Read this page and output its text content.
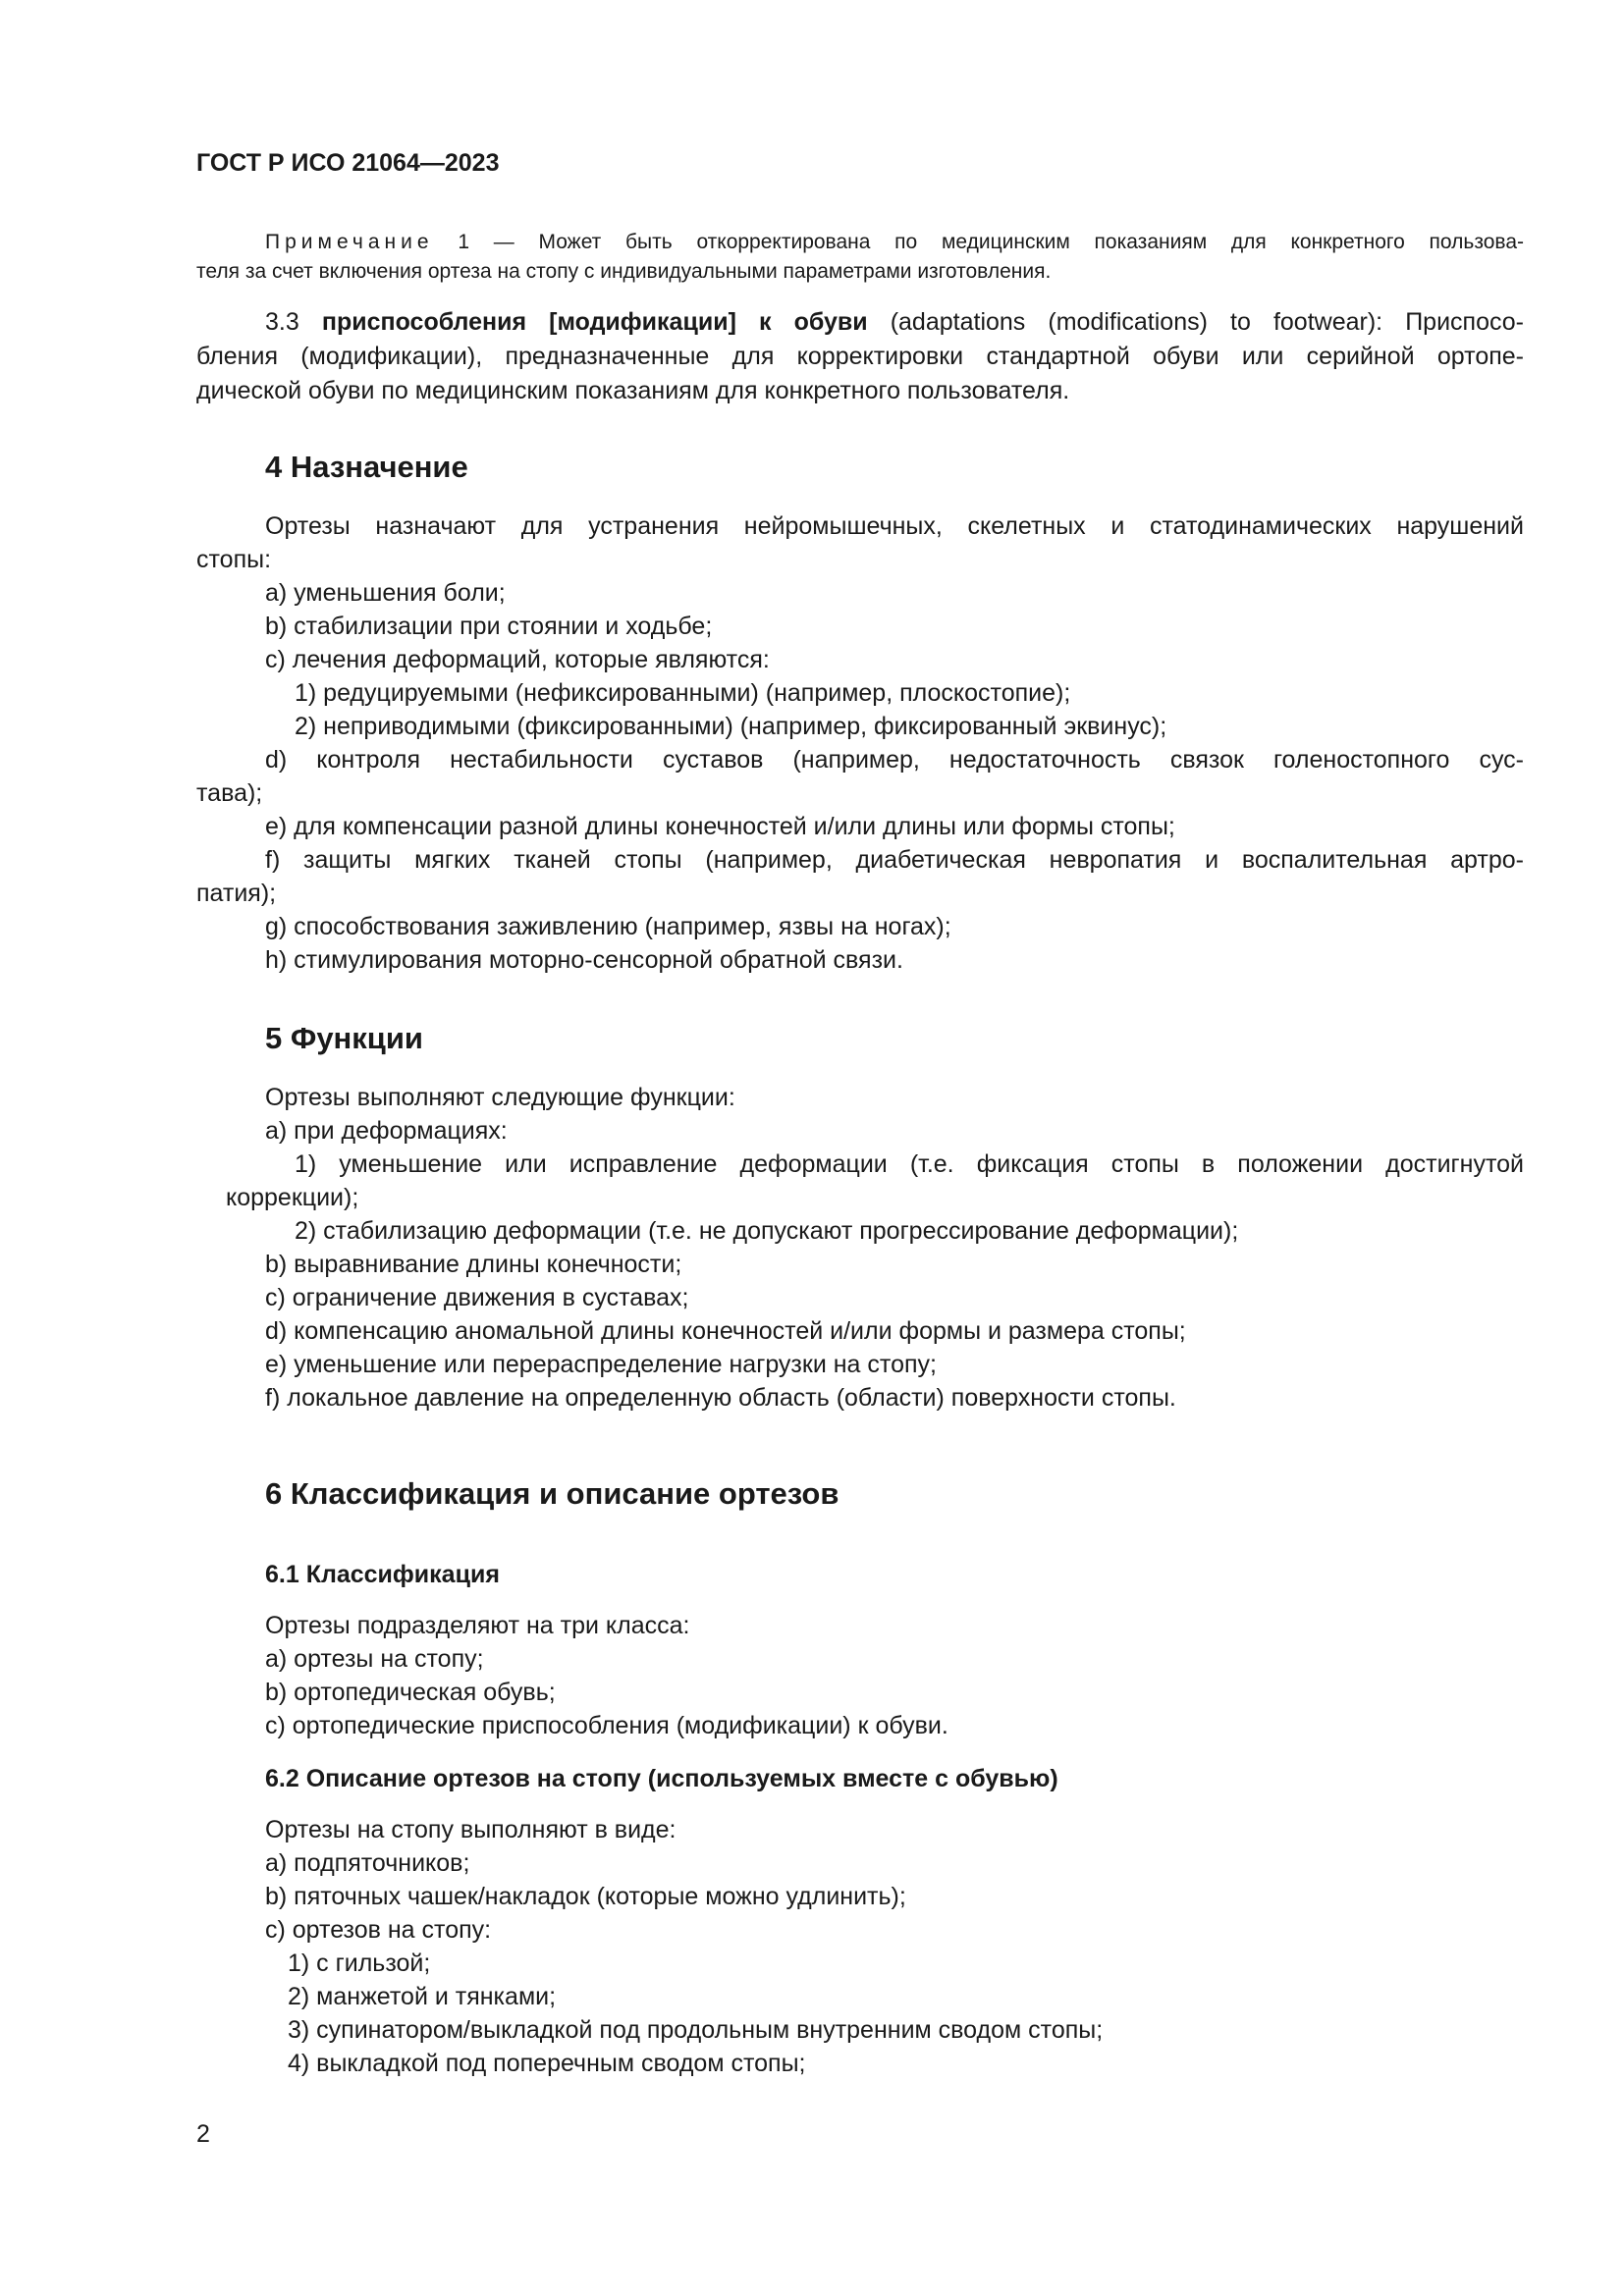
ГОСТ Р ИСО 21064—2023

Примечание 1 — Может быть откорректирована по медицинским показаниям для конкретного пользова-

теля за счет включения ортеза на стопу с индивидуальными параметрами изготовления.

3.3 приспособления [модификации] к обуви (adaptations (modifications) to footwear): Приспосо-

бления (модификации), предназначенные для корректировки стандартной обуви или серийной ортопе-

дической обуви по медицинским показаниям для конкретного пользователя.

4 Назначение

Ортезы назначают для устранения нейромышечных, скелетных и статодинамических нарушений

стопы:

a) уменьшения боли;

b) стабилизации при стоянии и ходьбе;

c) лечения деформаций, которые являются:

1) редуцируемыми (нефиксированными) (например, плоскостопие);

2) неприводимыми (фиксированными) (например, фиксированный эквинус);

d) контроля нестабильности суставов (например, недостаточность связок голеностопного сус-

тава);

e) для компенсации разной длины конечностей и/или длины или формы стопы;

f) защиты мягких тканей стопы (например, диабетическая невропатия и воспалительная артро-

патия);

g) способствования заживлению (например, язвы на ногах);

h) стимулирования моторно-сенсорной обратной связи.

5 Функции

Ортезы выполняют следующие функции:

a) при деформациях:

1) уменьшение или исправление деформации (т.е. фиксация стопы в положении достигнутой

коррекции);

2) стабилизацию деформации (т.е. не допускают прогрессирование деформации);

b) выравнивание длины конечности;

c) ограничение движения в суставах;

d) компенсацию аномальной длины конечностей и/или формы и размера стопы;

e) уменьшение или перераспределение нагрузки на стопу;

f) локальное давление на определенную область (области) поверхности стопы.

6 Классификация и описание ортезов
6.1 Классификация

Ортезы подразделяют на три класса:

a) ортезы на стопу;

b) ортопедическая обувь;

c) ортопедические приспособления (модификации) к обуви.

6.2 Описание ортезов на стопу (используемых вместе с обувью)

Ортезы на стопу выполняют в виде:

a) подпяточников;

b) пяточных чашек/накладок (которые можно удлинить);

c) ортезов на стопу:

1) с гильзой;

2) манжетой и тянками;

3) супинатором/выкладкой под продольным внутренним сводом стопы;

4) выкладкой под поперечным сводом стопы;

2
